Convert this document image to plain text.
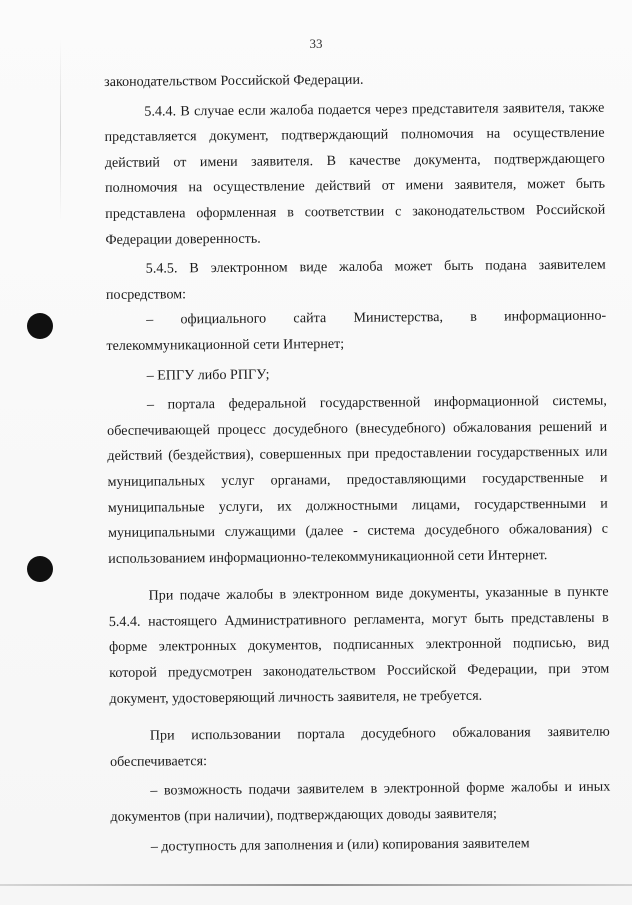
33

законодательством Российской Федерации.

5.4.4. В случае если жалоба подается через представителя заявителя, также представляется документ, подтверждающий полномочия на осуществление действий от имени заявителя. В качестве документа, подтверждающего полномочия на осуществление действий от имени заявителя, может быть представлена оформленная в соответствии с законодательством Российской Федерации доверенность.

5.4.5. В электронном виде жалоба может быть подана заявителем посредством:

– официального сайта Министерства, в информационно-телекоммуникационной сети Интернет;

– ЕПГУ либо РПГУ;

– портала федеральной государственной информационной системы, обеспечивающей процесс досудебного (внесудебного) обжалования решений и действий (бездействия), совершенных при предоставлении государственных или муниципальных услуг органами, предоставляющими государственные и муниципальные услуги, их должностными лицами, государственными и муниципальными служащими (далее - система досудебного обжалования) с использованием информационно-телекоммуникационной сети Интернет.

При подаче жалобы в электронном виде документы, указанные в пункте 5.4.4. настоящего Административного регламента, могут быть представлены в форме электронных документов, подписанных электронной подписью, вид которой предусмотрен законодательством Российской Федерации, при этом документ, удостоверяющий личность заявителя, не требуется.

При использовании портала досудебного обжалования заявителю обеспечивается:

– возможность подачи заявителем в электронной форме жалобы и иных документов (при наличии), подтверждающих доводы заявителя;

– доступность для заполнения и (или) копирования заявителем
